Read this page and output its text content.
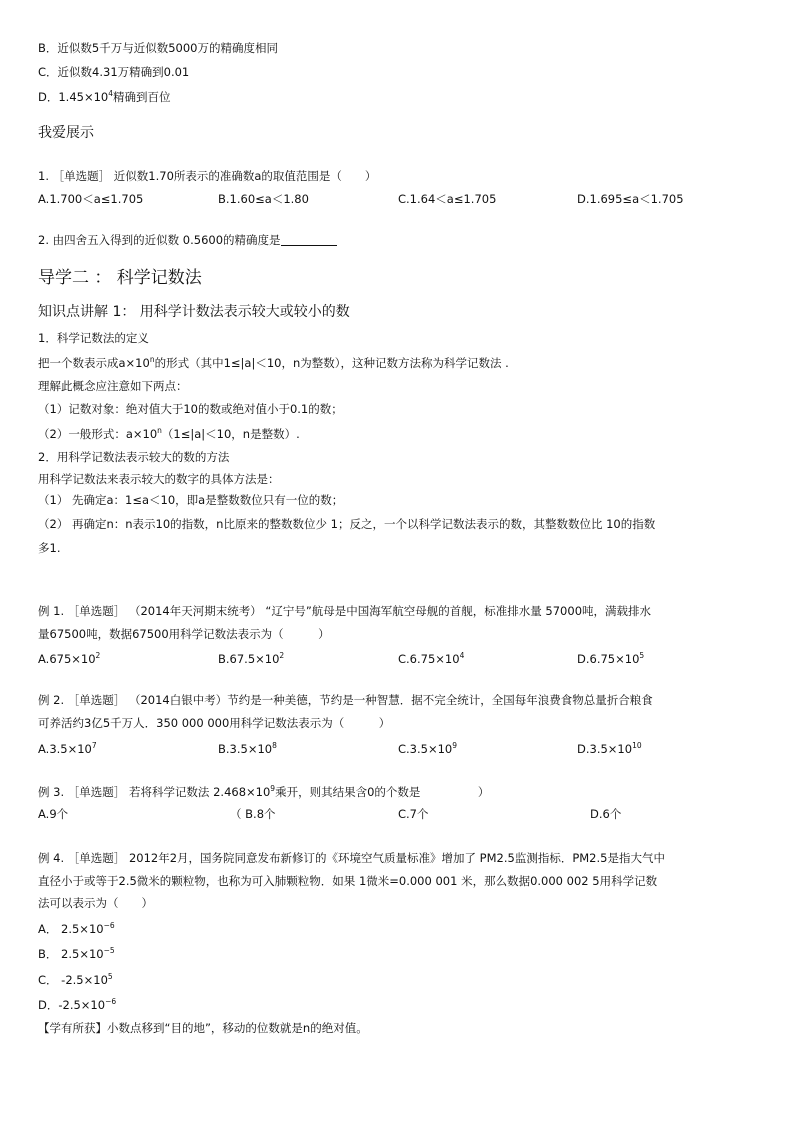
B．近似数5千万与近似数5000万的精确度相同
C．近似数4.31万精确到0.01
D．$1.45\times 10^4$精确到百位
我爱展示
1. ［单选题］ 近似数1.70所表示的准确数a的取值范围是（　　）
A.1.700＜a≤1.705	B.1.60≤a＜1.80	C.1.64＜a≤1.705	D.1.695≤a＜1.705
2. 由四舍五入得到的近似数 0.5600的精确度是
导学二 ： 科学记数法
知识点讲解 1： 用科学计数法表示较大或较小的数
1．科学记数法的定义
把一个数表示成$a\times 10^n$的形式（其中1≤|a|＜10，n为整数），这种记数方法称为科学记数法 .
理解此概念应注意如下两点：
（1）记数对象：绝对值大于10的数或绝对值小于0.1的数；
（2）一般形式：$a\times 10^n(1\le|a|<10$，n是整数）.
2．用科学记数法表示较大的数的方法
用科学记数法来表示较大的数字的具体方法是：
（1） 先确定a：1≤a＜10，即a是整数数位只有一位的数；
（2） 再确定n：n表示10的指数，n比原来的整数数位少 1；反之，一个以科学记数法表示的数，其整数数位比 10的指数
多1.
例 1. ［单选题］ （2014年天河期末统考） “辽宁号”航母是中国海军航空母舰的首舰，标准排水量 57000吨，满载排水
量67500吨，数据67500用科学记数法表示为（　　　）
$A.675\times 10^2$	$B.67.5\times 10^2$	$C.6.75\times 10^4$	$D.6.75\times 10^5$
例 2. ［单选题］ （2014白银中考）节约是一种美德，节约是一种智慧．据不完全统计，全国每年浪费食物总量折合粮食
可养活约3亿5千万人．350 000 000用科学记数法表示为（　　　）
$A.3.5\times 10^7$	$B.3.5\times 10^8$	$C.3.5\times 10^9$	$D.3.5\times 10^{10}$
例 3. ［单选题］ 若将科学记数法 $2.468\times 10^9$乘开，则其结果含0的个数是　　　　　）
A.9个	（ B.8个	C.7个	D.6个
例 4. ［单选题］ 2012年2月，国务院同意发布新修订的《环境空气质量标准》增加了 PM2.5监测指标．PM2.5是指大气中
直径小于或等于2.5微米的颗粒物，也称为可入肺颗粒物．如果 1微米=0.000 001 米，那么数据0.000 002 5用科学记数
法可以表示为（　　）
A． $2.5\times 10^{-6}$
B． $2.5\times 10^{-5}$
C． $-2.5\times 10^5$
D．$-2.5\times 10^{-6}$
【学有所获】小数点移到“目的地”，移动的位数就是n的绝对值。
